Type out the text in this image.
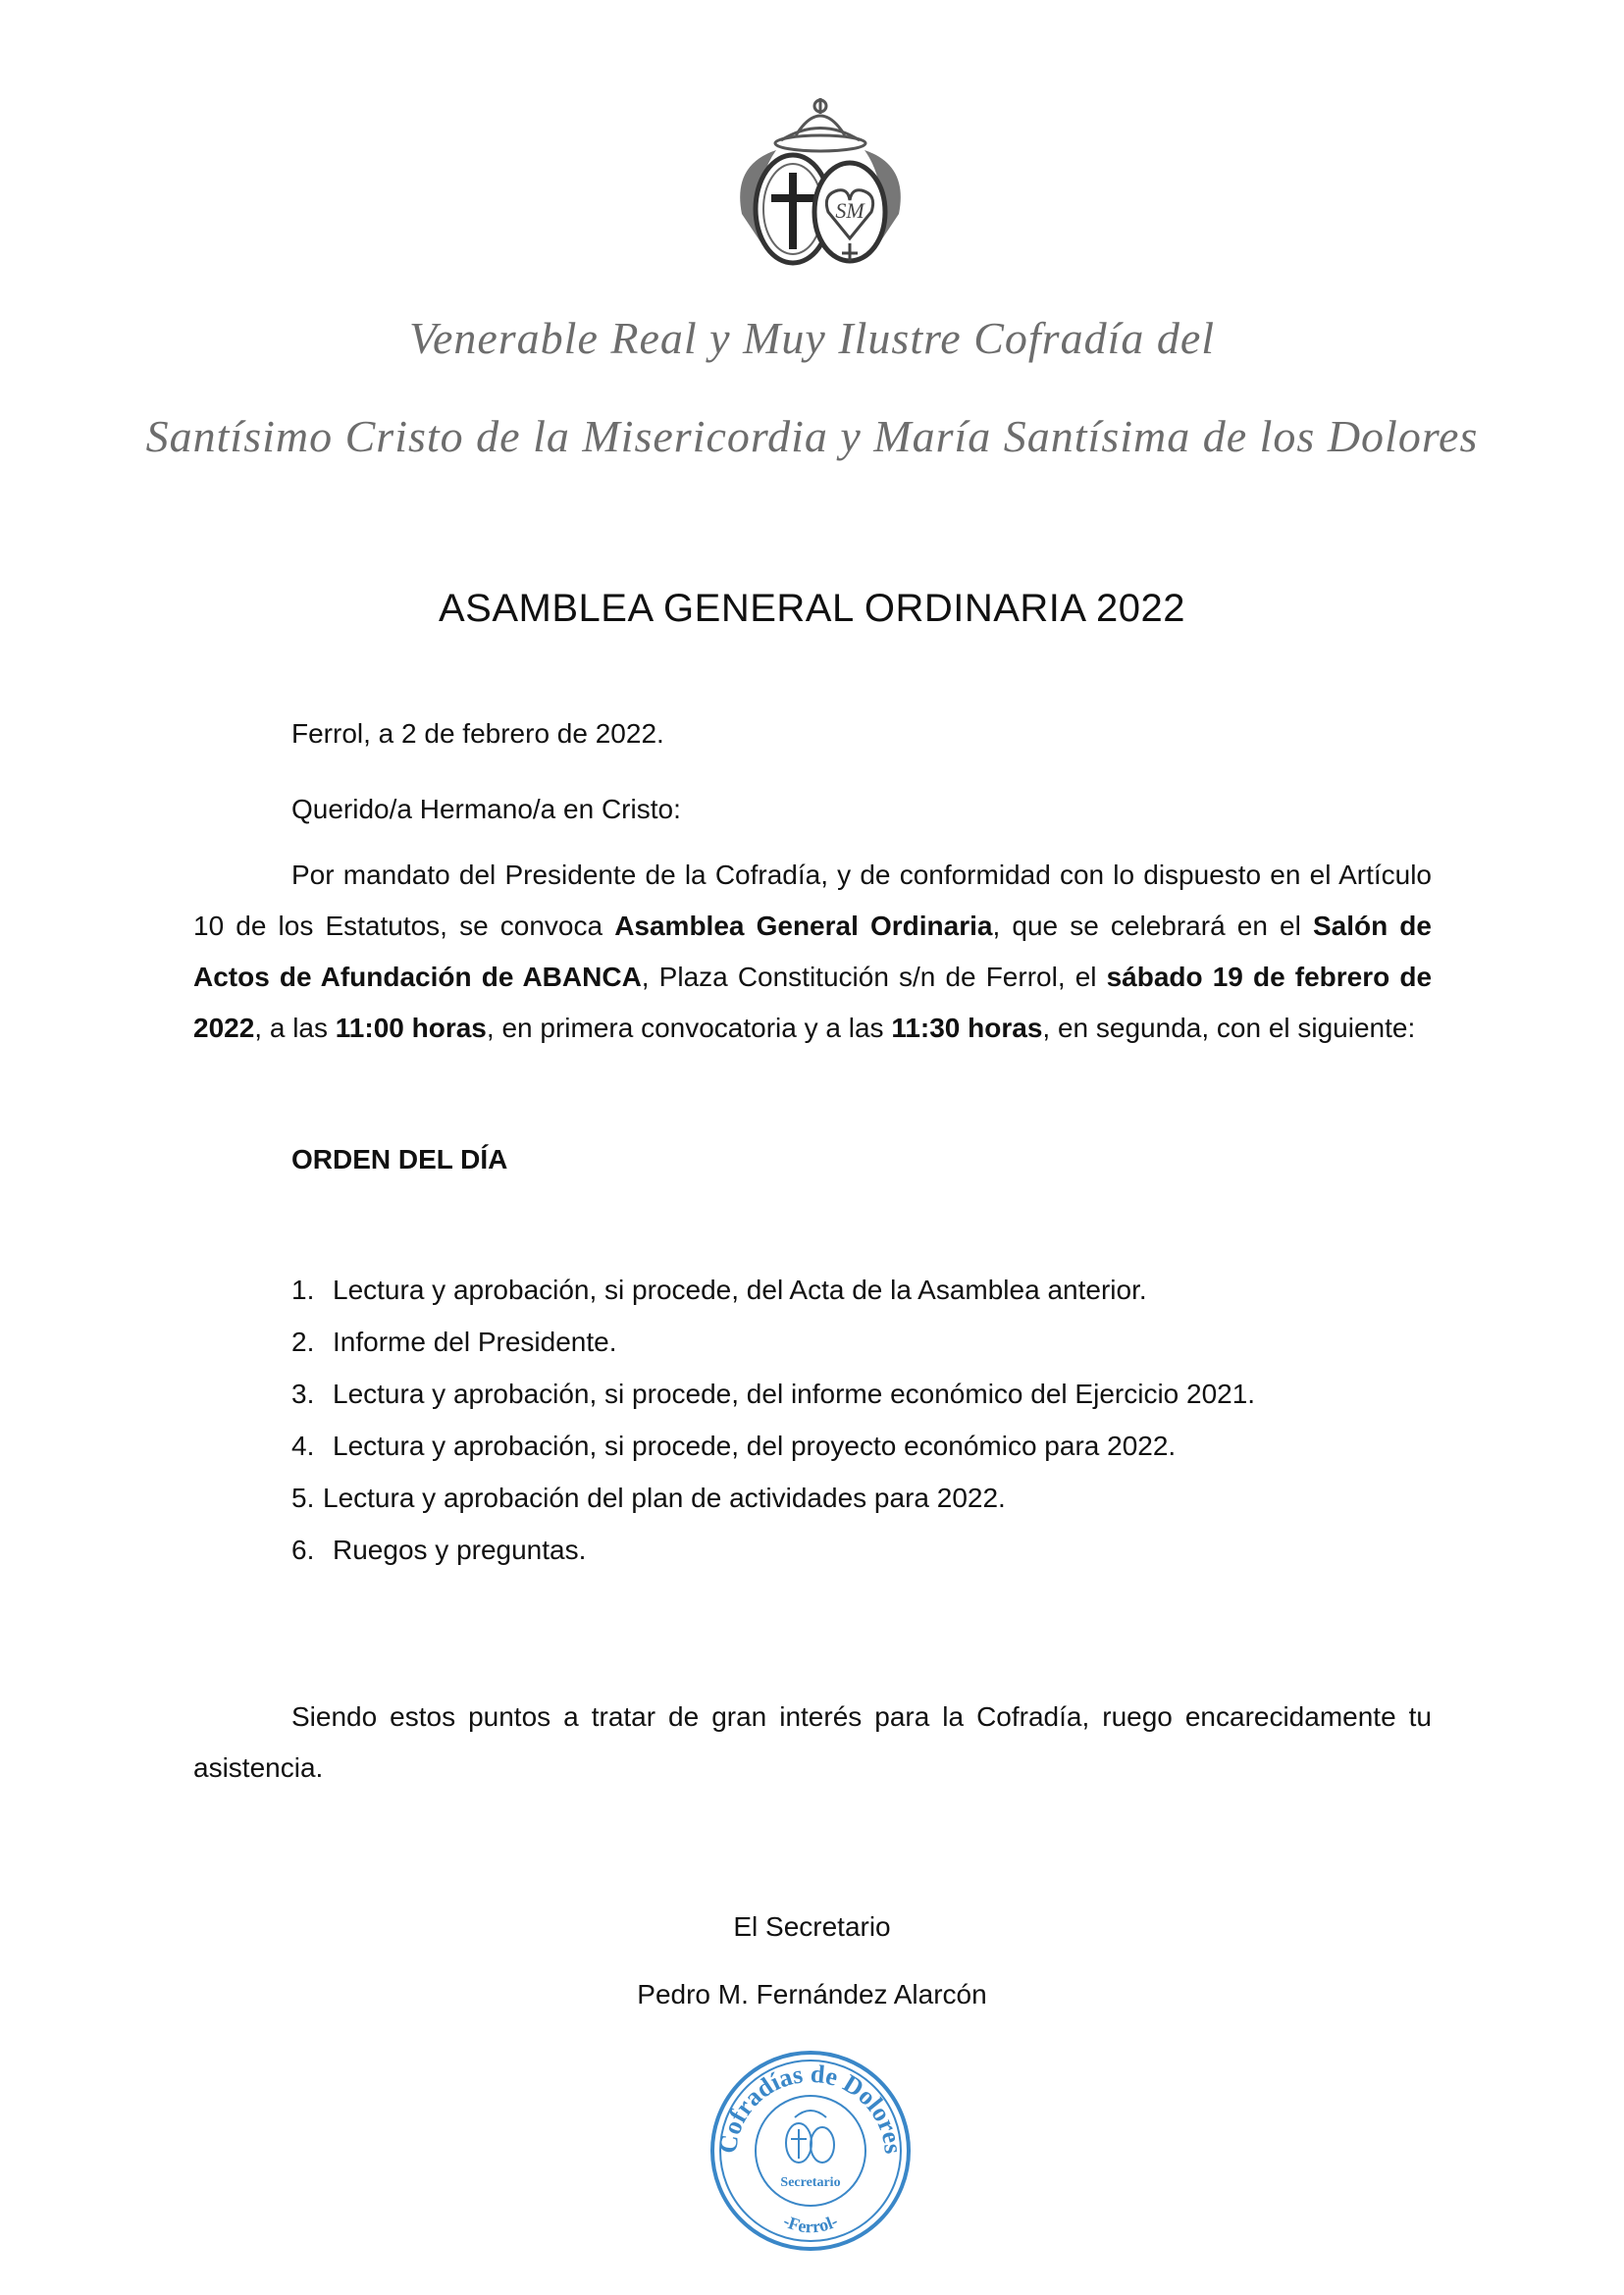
SM
Venerable Real y Muy Ilustre Cofradía del
Santísimo Cristo de la Misericordia y María Santísima de los Dolores
ASAMBLEA GENERAL ORDINARIA 2022
Ferrol, a 2 de febrero de 2022.
Querido/a Hermano/a en Cristo:
Por mandato del Presidente de la Cofradía, y de conformidad con lo dispuesto en el Artículo 10 de los Estatutos, se convoca Asamblea General Ordinaria, que se celebrará en el Salón de Actos de Afundación de ABANCA, Plaza Constitución s/n de Ferrol, el sábado 19 de febrero de 2022, a las 11:00 horas, en primera convocatoria y a las 11:30 horas, en segunda, con el siguiente:
ORDEN DEL DÍA
1. Lectura y aprobación, si procede, del Acta de la Asamblea anterior.
2. Informe del Presidente.
3. Lectura y aprobación, si procede, del informe económico del Ejercicio 2021.
4. Lectura y aprobación, si procede, del proyecto económico para 2022.
5. Lectura y aprobación del plan de actividades para 2022.
6. Ruegos y preguntas.
Siendo estos puntos a tratar de gran interés para la Cofradía, ruego encarecidamente tu asistencia.
El Secretario
Pedro M. Fernández Alarcón
Cofradías de Dolores
-Ferrol-
Secretario
